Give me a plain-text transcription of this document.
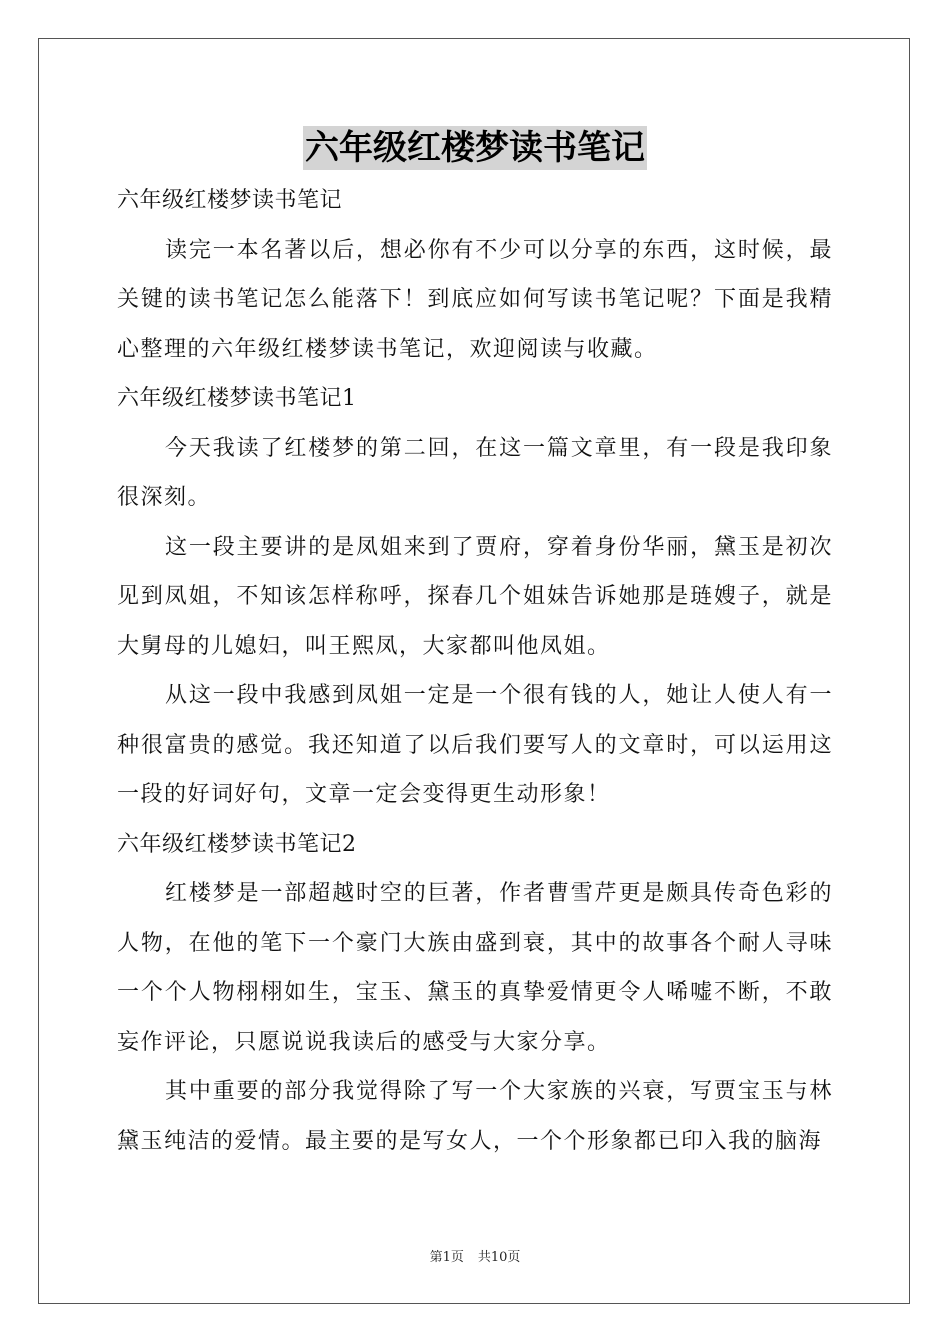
六年级红楼梦读书笔记

六年级红楼梦读书笔记

读完一本名著以后，想必你有不少可以分享的东西，这时候，最关键的读书笔记怎么能落下！到底应如何写读书笔记呢？下面是我精心整理的六年级红楼梦读书笔记，欢迎阅读与收藏。

六年级红楼梦读书笔记1

今天我读了红楼梦的第二回，在这一篇文章里，有一段是我印象很深刻。

这一段主要讲的是凤姐来到了贾府，穿着身份华丽，黛玉是初次见到凤姐，不知该怎样称呼，探春几个姐妹告诉她那是琏嫂子，就是大舅母的儿媳妇，叫王熙凤，大家都叫他凤姐。

从这一段中我感到凤姐一定是一个很有钱的人，她让人使人有一种很富贵的感觉。我还知道了以后我们要写人的文章时，可以运用这一段的好词好句，文章一定会变得更生动形象！

六年级红楼梦读书笔记2

红楼梦是一部超越时空的巨著，作者曹雪芹更是颇具传奇色彩的人物，在他的笔下一个豪门大族由盛到衰，其中的故事各个耐人寻味一个个人物栩栩如生，宝玉、黛玉的真挚爱情更令人唏嘘不断，不敢妄作评论，只愿说说我读后的感受与大家分享。

其中重要的部分我觉得除了写一个大家族的兴衰，写贾宝玉与林黛玉纯洁的爱情。最主要的是写女人，一个个形象都已印入我的脑海

第1页 共10页
